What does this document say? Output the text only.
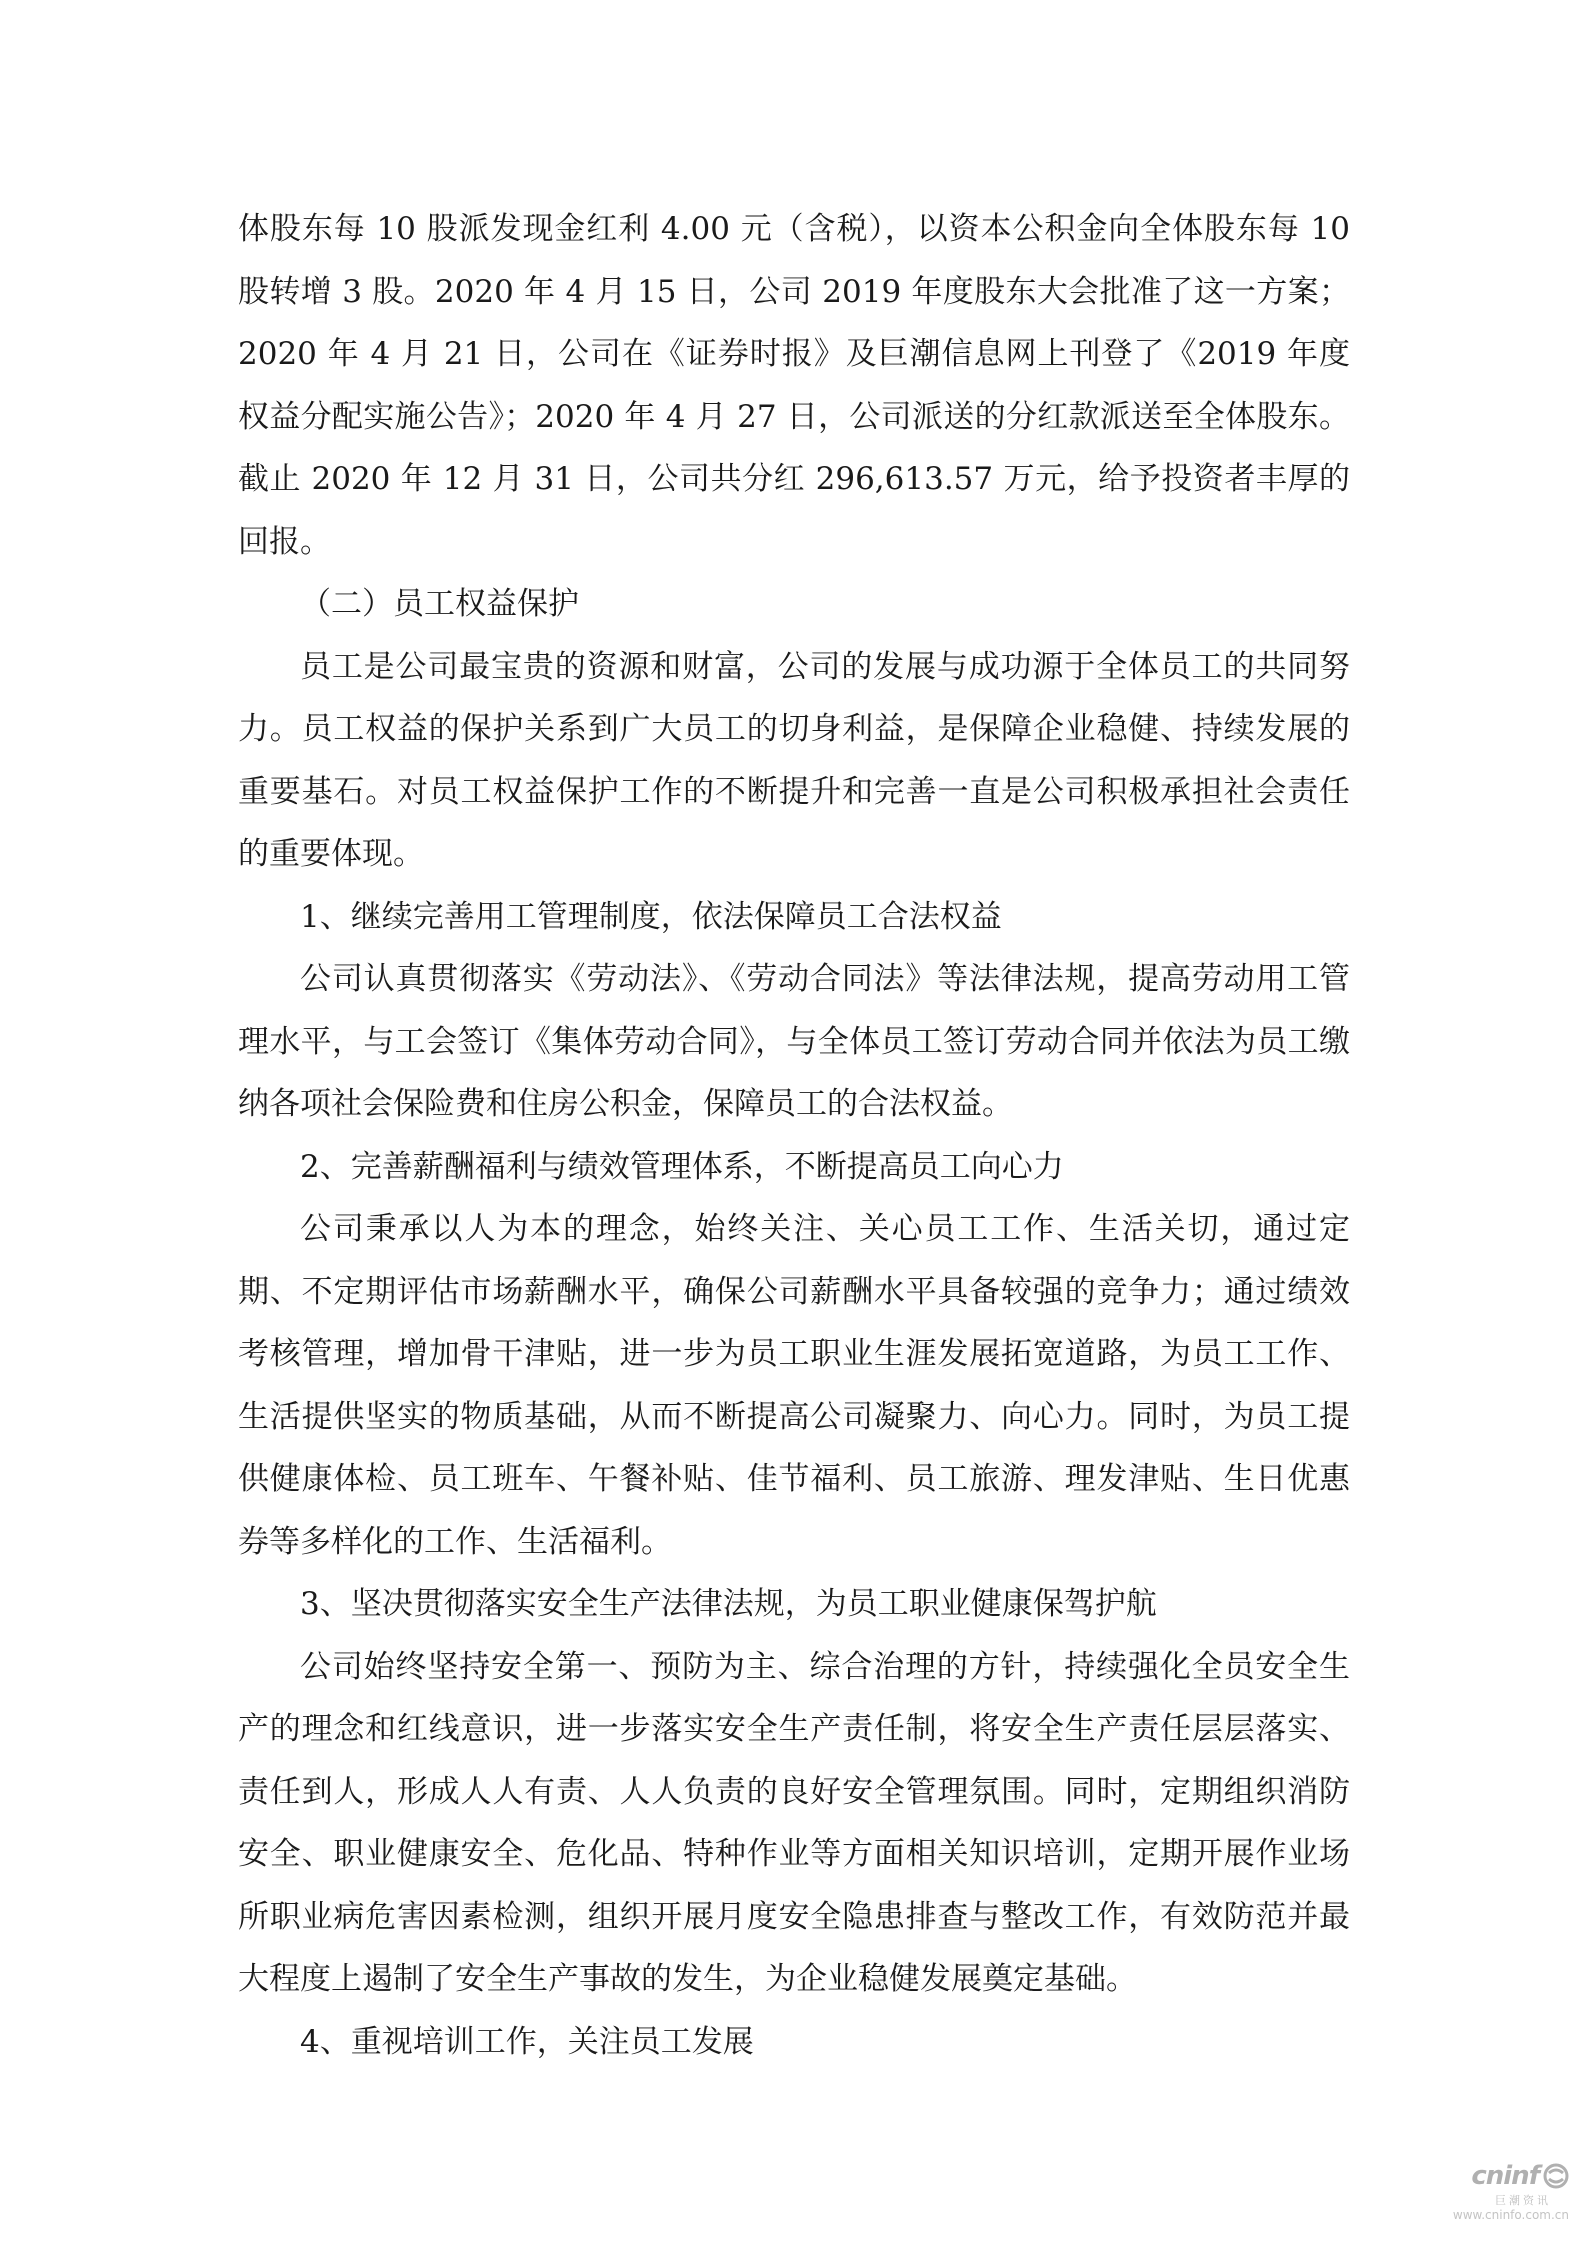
体股东每 10 股派发现金红利 4.00 元（含税），以资本公积金向全体股东每 10 股转增 3 股。2020 年 4 月 15 日，公司 2019 年度股东大会批准了这一方案；2020 年 4 月 21 日，公司在《证券时报》及巨潮信息网上刊登了《2019 年度权益分配实施公告》；2020 年 4 月 27 日，公司派送的分红款派送至全体股东。截止 2020 年 12 月 31 日，公司共分红 296,613.57 万元，给予投资者丰厚的回报。

（二）员工权益保护

员工是公司最宝贵的资源和财富，公司的发展与成功源于全体员工的共同努力。员工权益的保护关系到广大员工的切身利益，是保障企业稳健、持续发展的重要基石。对员工权益保护工作的不断提升和完善一直是公司积极承担社会责任的重要体现。

1、继续完善用工管理制度，依法保障员工合法权益

公司认真贯彻落实《劳动法》、《劳动合同法》等法律法规，提高劳动用工管理水平，与工会签订《集体劳动合同》，与全体员工签订劳动合同并依法为员工缴纳各项社会保险费和住房公积金，保障员工的合法权益。

2、完善薪酬福利与绩效管理体系，不断提高员工向心力

公司秉承以人为本的理念，始终关注、关心员工工作、生活关切，通过定期、不定期评估市场薪酬水平，确保公司薪酬水平具备较强的竞争力；通过绩效考核管理，增加骨干津贴，进一步为员工职业生涯发展拓宽道路，为员工工作、生活提供坚实的物质基础，从而不断提高公司凝聚力、向心力。同时，为员工提供健康体检、员工班车、午餐补贴、佳节福利、员工旅游、理发津贴、生日优惠券等多样化的工作、生活福利。

3、坚决贯彻落实安全生产法律法规，为员工职业健康保驾护航

公司始终坚持安全第一、预防为主、综合治理的方针，持续强化全员安全生产的理念和红线意识，进一步落实安全生产责任制，将安全生产责任层层落实、责任到人，形成人人有责、人人负责的良好安全管理氛围。同时，定期组织消防安全、职业健康安全、危化品、特种作业等方面相关知识培训，定期开展作业场所职业病危害因素检测，组织开展月度安全隐患排查与整改工作，有效防范并最大程度上遏制了安全生产事故的发生，为企业稳健发展奠定基础。

4、重视培训工作，关注员工发展

cninf
巨潮资讯
www.cninfo.com.cn
